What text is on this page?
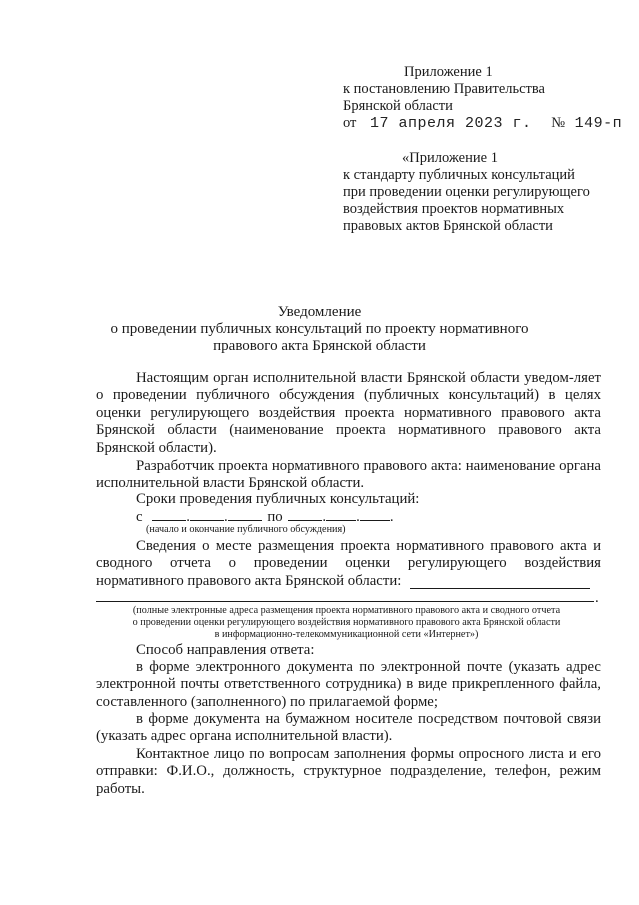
Приложение 1
к постановлению Правительства
Брянской области
от 17 апреля 2023 г. № 149-п
«Приложение 1
к стандарту публичных консультаций
при проведении оценки регулирующего
воздействия проектов нормативных
правовых актов Брянской области
Уведомление
о проведении публичных консультаций по проекту нормативного
правового акта Брянской области
Настоящим орган исполнительной власти Брянской области уведом-ляет о проведении публичного обсуждения (публичных консультаций) в целях оценки регулирующего воздействия проекта нормативного правового акта Брянской области (наименование проекта нормативного правового акта Брянской области).
Разработчик проекта нормативного правового акта: наименование органа исполнительной власти Брянской области.
Сроки проведения публичных консультаций:
с	. .	по	. . .
(начало и окончание публичного обсуждения)
Сведения о месте размещения проекта нормативного правового акта и сводного отчета о проведении оценки регулирующего воздействия нормативного правового акта Брянской области:
.
(полные электронные адреса размещения проекта нормативного правового акта и сводного отчета
о проведении оценки регулирующего воздействия нормативного правового акта Брянской области
в информационно-телекоммуникационной сети «Интернет»)
Способ направления ответа:
в форме электронного документа по электронной почте (указать адрес электронной почты ответственного сотрудника) в виде прикрепленного файла, составленного (заполненного) по прилагаемой форме;
в форме документа на бумажном носителе посредством почтовой связи (указать адрес органа исполнительной власти).
Контактное лицо по вопросам заполнения формы опросного листа и его отправки: Ф.И.О., должность, структурное подразделение, телефон, режим работы.
